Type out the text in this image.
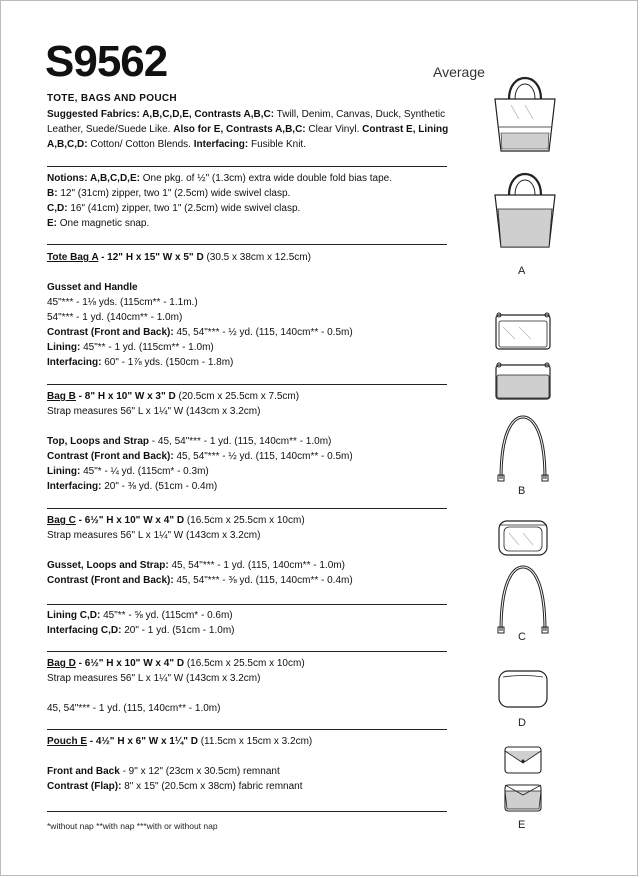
S9562	Average
TOTE, BAGS AND POUCH
Suggested Fabrics: A,B,C,D,E, Contrasts A,B,C: Twill, Denim, Canvas, Duck, Synthetic Leather, Suede/Suede Like. Also for E, Contrasts A,B,C: Clear Vinyl. Contrast E, Lining A,B,C,D: Cotton/ Cotton Blends. Interfacing: Fusible Knit.
Notions: A,B,C,D,E: One pkg. of ½" (1.3cm) extra wide double fold bias tape.
B: 12" (31cm) zipper, two 1" (2.5cm) wide swivel clasp.
C,D: 16" (41cm) zipper, two 1" (2.5cm) wide swivel clasp.
E: One magnetic snap.
Tote Bag A - 12" H x 15" W x 5" D (30.5 x 38cm x 12.5cm)
Gusset and Handle
45"*** - 1⅛ yds. (115cm** - 1.1m.)
54"*** - 1 yd. (140cm** - 1.0m)
Contrast (Front and Back): 45, 54"*** - ½ yd. (115, 140cm** - 0.5m)
Lining: 45"** - 1 yd. (115cm** - 1.0m)
Interfacing: 60" - 1⅞ yds. (150cm - 1.8m)
Bag B - 8" H x 10" W x 3" D (20.5cm x 25.5cm x 7.5cm)
Strap measures 56" L x 1¼" W (143cm x 3.2cm)
Top, Loops and Strap - 45, 54"*** - 1 yd. (115, 140cm** - 1.0m)
Contrast (Front and Back): 45, 54"*** - ½ yd. (115, 140cm** - 0.5m)
Lining: 45"* - ¼ yd. (115cm* - 0.3m)
Interfacing: 20" - ⅜ yd. (51cm - 0.4m)
Bag C - 6½" H x 10" W x 4" D (16.5cm x 25.5cm x 10cm)
Strap measures 56" L x 1¼" W (143cm x 3.2cm)
Gusset, Loops and Strap: 45, 54"*** - 1 yd. (115, 140cm** - 1.0m)
Contrast (Front and Back): 45, 54"*** - ⅜ yd. (115, 140cm** - 0.4m)
Lining C,D: 45"** - ⅝ yd. (115cm* - 0.6m)
Interfacing C,D: 20" - 1 yd. (51cm - 1.0m)
Bag D - 6½" H x 10" W x 4" D (16.5cm x 25.5cm x 10cm)
Strap measures 56" L x 1¼" W (143cm x 3.2cm)
45, 54"*** - 1 yd. (115, 140cm** - 1.0m)
Pouch E - 4½" H x 6" W x 1¼" D (11.5cm x 15cm x 3.2cm)
Front and Back - 9" x 12" (23cm x 30.5cm) remnant
Contrast (Flap): 8" x 15" (20.5cm x 38cm) fabric remnant
*without nap **with nap ***with or without nap
A
B
C
D
E
